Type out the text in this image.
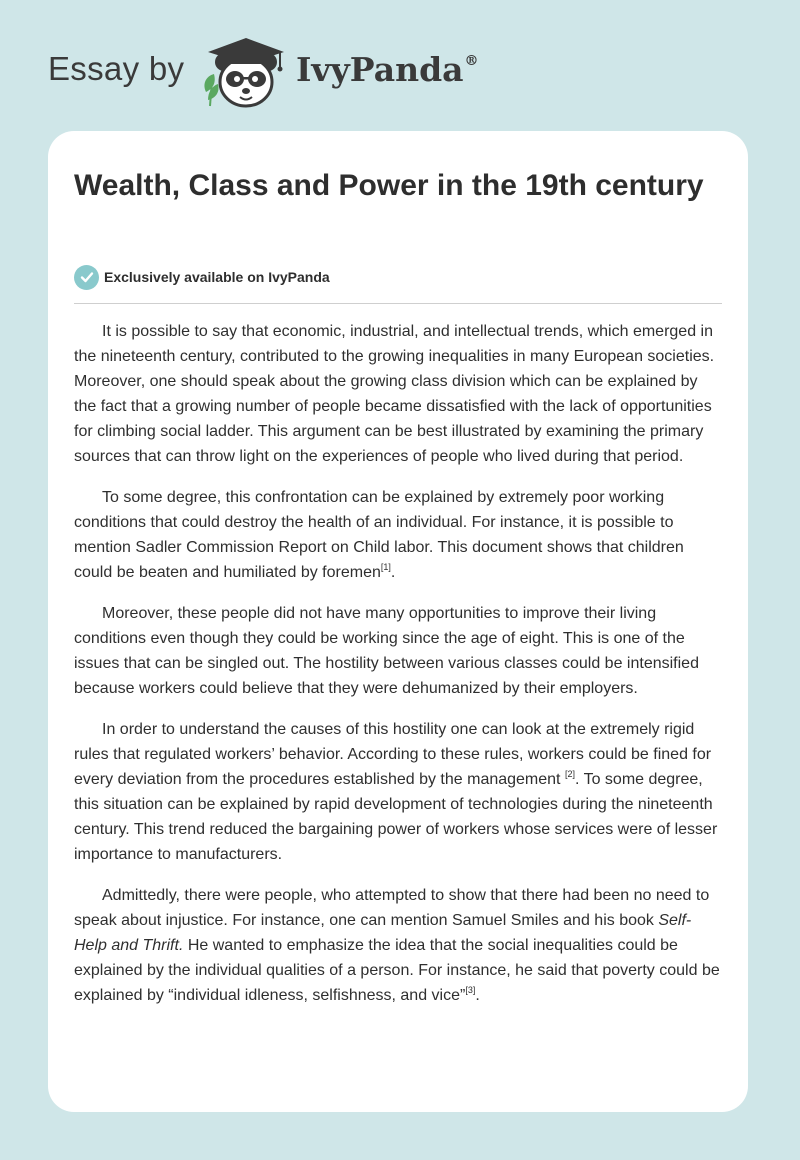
Essay by	IvyPanda®
Wealth, Class and Power in the 19th century
Exclusively available on IvyPanda

It is possible to say that economic, industrial, and intellectual trends, which emerged in the nineteenth century, contributed to the growing inequalities in many European societies. Moreover, one should speak about the growing class division which can be explained by the fact that a growing number of people became dissatisfied with the lack of opportunities for climbing social ladder. This argument can be best illustrated by examining the primary sources that can throw light on the experiences of people who lived during that period.

To some degree, this confrontation can be explained by extremely poor working conditions that could destroy the health of an individual. For instance, it is possible to mention Sadler Commission Report on Child labor. This document shows that children could be beaten and humiliated by foremen[1].

Moreover, these people did not have many opportunities to improve their living conditions even though they could be working since the age of eight. This is one of the issues that can be singled out. The hostility between various classes could be intensified because workers could believe that they were dehumanized by their employers.

In order to understand the causes of this hostility one can look at the extremely rigid rules that regulated workers’ behavior. According to these rules, workers could be fined for every deviation from the procedures established by the management [2]. To some degree, this situation can be explained by rapid development of technologies during the nineteenth century. This trend reduced the bargaining power of workers whose services were of lesser importance to manufacturers.

Admittedly, there were people, who attempted to show that there had been no need to speak about injustice. For instance, one can mention Samuel Smiles and his book Self-Help and Thrift. He wanted to emphasize the idea that the social inequalities could be explained by the individual qualities of a person. For instance, he said that poverty could be explained by “individual idleness, selfishness, and vice”[3].
